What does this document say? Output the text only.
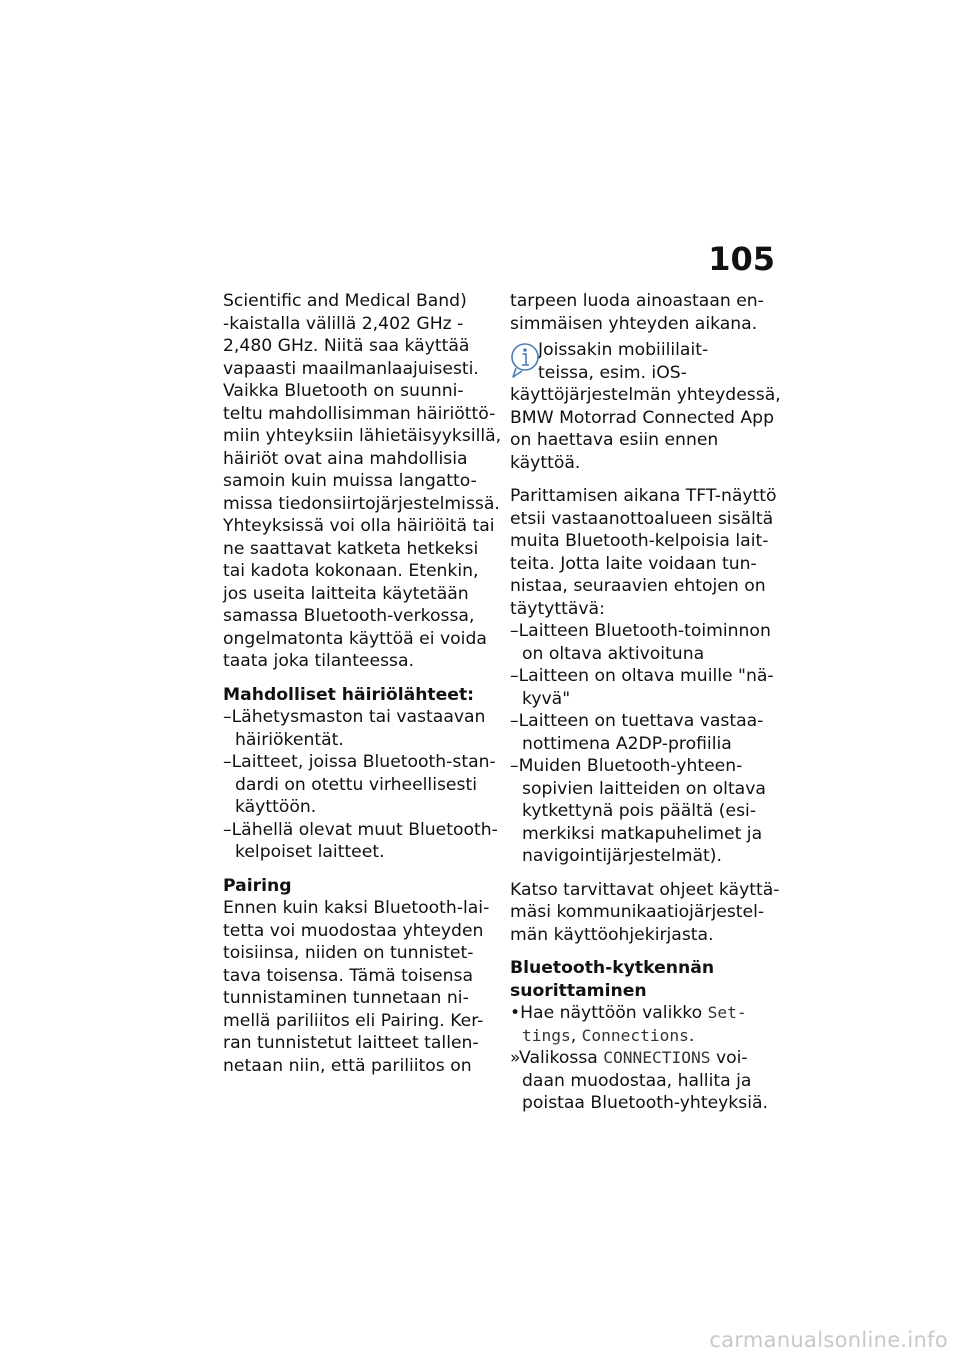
105
Scientific and Medical Band)
-kaistalla välillä 2,402 GHz -
2,480 GHz. Niitä saa käyttää
vapaasti maailmanlaajuisesti.
Vaikka Bluetooth on suunni-
teltu mahdollisimman häiriöttö-
miin yhteyksiin lähietäisyyksillä,
häiriöt ovat aina mahdollisia
samoin kuin muissa langatto-
missa tiedonsiirtojärjestelmissä.
Yhteyksissä voi olla häiriöitä tai
ne saattavat katketa hetkeksi
tai kadota kokonaan. Etenkin,
jos useita laitteita käytetään
samassa Bluetooth-verkossa,
ongelmatonta käyttöä ei voida
taata joka tilanteessa.
Mahdolliset häiriölähteet:
–Lähetysmaston tai vastaavan
häiriökentät.
–Laitteet, joissa Bluetooth-stan-
dardi on otettu virheellisesti
käyttöön.
–Lähellä olevat muut Bluetooth-
kelpoiset laitteet.
Pairing
Ennen kuin kaksi Bluetooth-lai-
tetta voi muodostaa yhteyden
toisiinsa, niiden on tunnistet-
tava toisensa. Tämä toisensa
tunnistaminen tunnetaan ni-
mellä pariliitos eli Pairing. Ker-
ran tunnistetut laitteet tallen-
netaan niin, että pariliitos on
tarpeen luoda ainoastaan en-
simmäisen yhteyden aikana.
Joissakin mobiililait-
teissa, esim. iOS-
käyttöjärjestelmän yhteydessä,
BMW Motorrad Connected App
on haettava esiin ennen
käyttöä.
Parittamisen aikana TFT-näyttö
etsii vastaanottoalueen sisältä
muita Bluetooth-kelpoisia lait-
teita. Jotta laite voidaan tun-
nistaa, seuraavien ehtojen on
täytyttävä:
–Laitteen Bluetooth-toiminnon
on oltava aktivoituna
–Laitteen on oltava muille "nä-
kyvä"
–Laitteen on tuettava vastaa-
nottimena A2DP-profiilia
–Muiden Bluetooth-yhteen-
sopivien laitteiden on oltava
kytkettynä pois päältä (esi-
merkiksi matkapuhelimet ja
navigointijärjestelmät).
Katso tarvittavat ohjeet käyttä-
mäsi kommunikaatiojärjestel-
män käyttöohjekirjasta.
Bluetooth-kytkennän
suorittaminen
•Hae näyttöön valikko Set-
tings, Connections.
»Valikossa CONNECTIONS voi-
daan muodostaa, hallita ja
poistaa Bluetooth-yhteyksiä.
carmanualsonline.info
